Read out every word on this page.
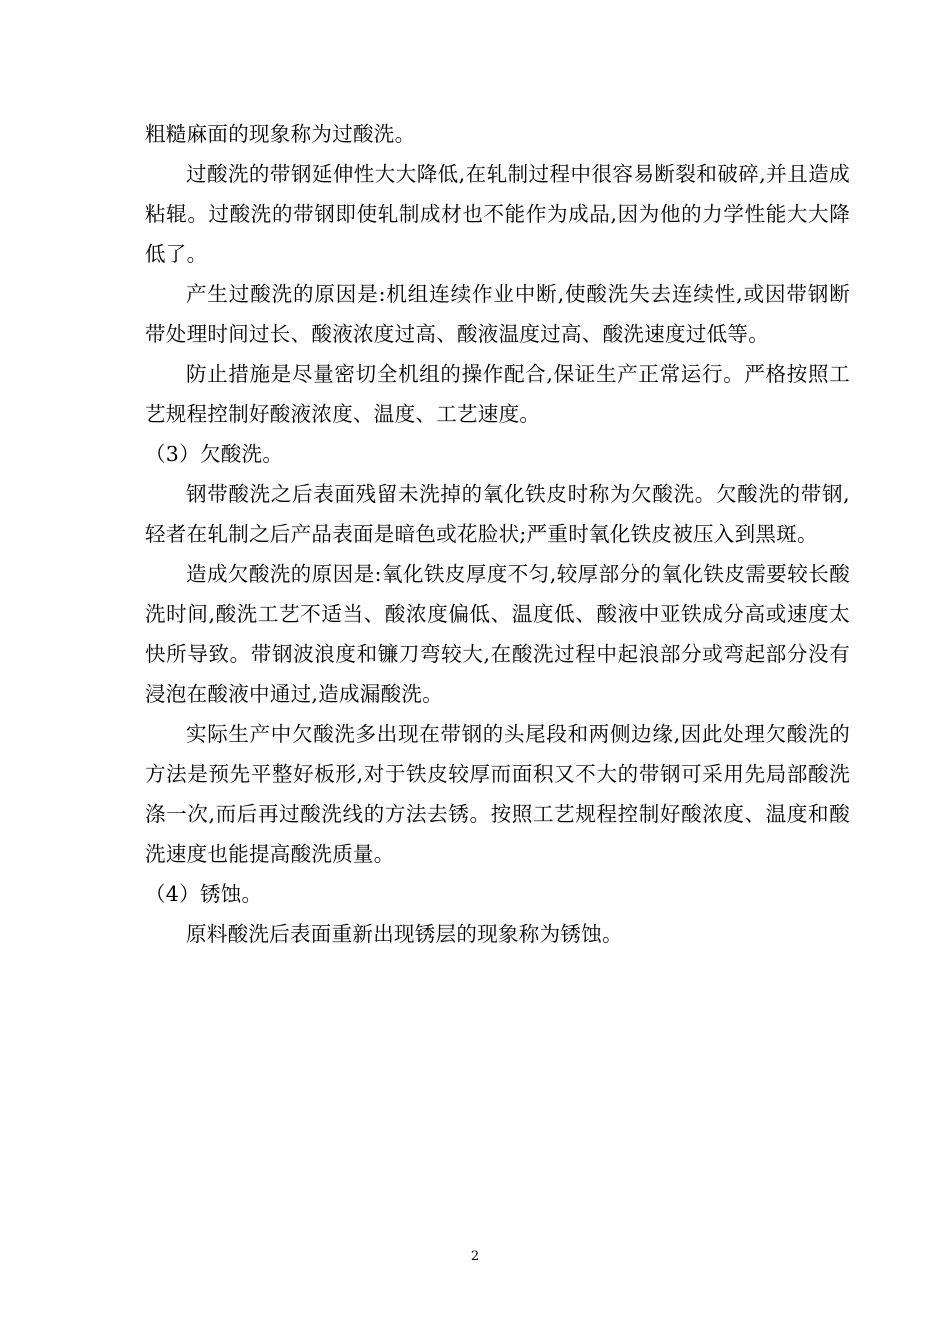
粗糙麻面的现象称为过酸洗。

过酸洗的带钢延伸性大大降低,在轧制过程中很容易断裂和破碎,并且造成粘辊。过酸洗的带钢即使轧制成材也不能作为成品,因为他的力学性能大大降低了。

产生过酸洗的原因是:机组连续作业中断,使酸洗失去连续性,或因带钢断带处理时间过长、酸液浓度过高、酸液温度过高、酸洗速度过低等。

防止措施是尽量密切全机组的操作配合,保证生产正常运行。严格按照工艺规程控制好酸液浓度、温度、工艺速度。

（3）欠酸洗。

钢带酸洗之后表面残留未洗掉的氧化铁皮时称为欠酸洗。欠酸洗的带钢,轻者在轧制之后产品表面是暗色或花脸状;严重时氧化铁皮被压入到黑斑。

造成欠酸洗的原因是:氧化铁皮厚度不匀,较厚部分的氧化铁皮需要较长酸洗时间,酸洗工艺不适当、酸浓度偏低、温度低、酸液中亚铁成分高或速度太快所导致。带钢波浪度和镰刀弯较大,在酸洗过程中起浪部分或弯起部分没有浸泡在酸液中通过,造成漏酸洗。

实际生产中欠酸洗多出现在带钢的头尾段和两侧边缘,因此处理欠酸洗的方法是预先平整好板形,对于铁皮较厚而面积又不大的带钢可采用先局部酸洗涤一次,而后再过酸洗线的方法去锈。按照工艺规程控制好酸浓度、温度和酸洗速度也能提高酸洗质量。

（4）锈蚀。

原料酸洗后表面重新出现锈层的现象称为锈蚀。

2
